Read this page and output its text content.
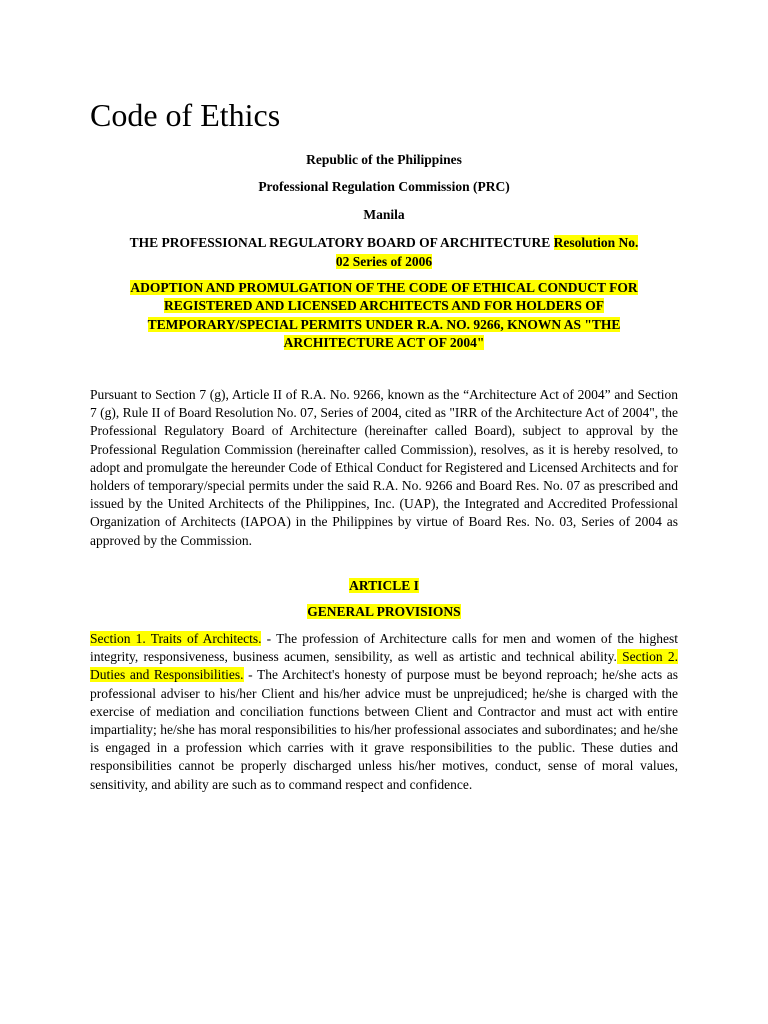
Code of Ethics

Republic of the Philippines

Professional Regulation Commission (PRC)

Manila

THE PROFESSIONAL REGULATORY BOARD OF ARCHITECTURE Resolution No.
02 Series of 2006

ADOPTION AND PROMULGATION OF THE CODE OF ETHICAL CONDUCT FOR
REGISTERED AND LICENSED ARCHITECTS AND FOR HOLDERS OF
TEMPORARY/SPECIAL PERMITS UNDER R.A. NO. 9266, KNOWN AS "THE
ARCHITECTURE ACT OF 2004"

Pursuant to Section 7 (g), Article II of R.A. No. 9266, known as the “Architecture Act of 2004” and Section 7 (g), Rule II of Board Resolution No. 07, Series of 2004, cited as "IRR of the Architecture Act of 2004", the Professional Regulatory Board of Architecture (hereinafter called Board), subject to approval by the Professional Regulation Commission (hereinafter called Commission), resolves, as it is hereby resolved, to adopt and promulgate the hereunder Code of Ethical Conduct for Registered and Licensed Architects and for holders of temporary/special permits under the said R.A. No. 9266 and Board Res. No. 07 as prescribed and issued by the United Architects of the Philippines, Inc. (UAP), the Integrated and Accredited Professional Organization of Architects (IAPOA) in the Philippines by virtue of Board Res. No. 03, Series of 2004 as approved by the Commission.

ARTICLE I

GENERAL PROVISIONS

Section 1. Traits of Architects. - The profession of Architecture calls for men and women of the highest integrity, responsiveness, business acumen, sensibility, as well as artistic and technical ability. Section 2. Duties and Responsibilities. - The Architect's honesty of purpose must be beyond reproach; he/she acts as professional adviser to his/her Client and his/her advice must be unprejudiced; he/she is charged with the exercise of mediation and conciliation functions between Client and Contractor and must act with entire impartiality; he/she has moral responsibilities to his/her professional associates and subordinates; and he/she is engaged in a profession which carries with it grave responsibilities to the public. These duties and responsibilities cannot be properly discharged unless his/her motives, conduct, sense of moral values, sensitivity, and ability are such as to command respect and confidence.
